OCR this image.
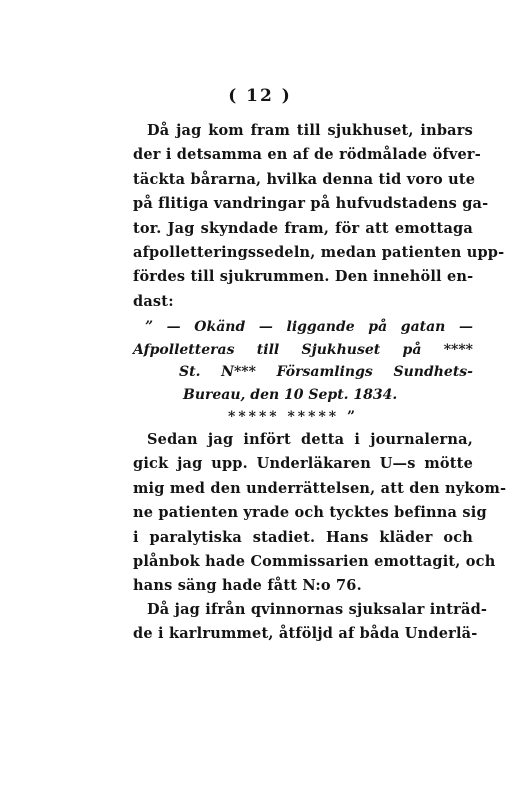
( 12 )
Då jag kom fram till sjukhuset, inbars
der i detsamma en af de rödmålade öfver-
täckta bårarna, hvilka denna tid voro ute
på flitiga vandringar på hufvudstadens ga-
tor. Jag skyndade fram, för att emottaga
afpolletteringssedeln, medan patienten upp-
fördes till sjukrummen. Den innehöll en-
dast:
” — Okänd — liggande på gatan —
Afpolletteras till Sjukhuset på ****
St. N*** Församlings Sundhets-
Bureau, den 10 Sept. 1834.
***** ***** ”
Sedan jag infört detta i journalerna,
gick jag upp. Underläkaren U—s mötte
mig med den underrättelsen, att den nykom-
ne patienten yrade och tycktes befinna sig
i paralytiska stadiet. Hans kläder och
plånbok hade Commissarien emottagit, och
hans säng hade fått N:o 76.
Då jag ifrån qvinnornas sjuksalar inträd-
de i karlrummet, åtföljd af båda Underlä-
